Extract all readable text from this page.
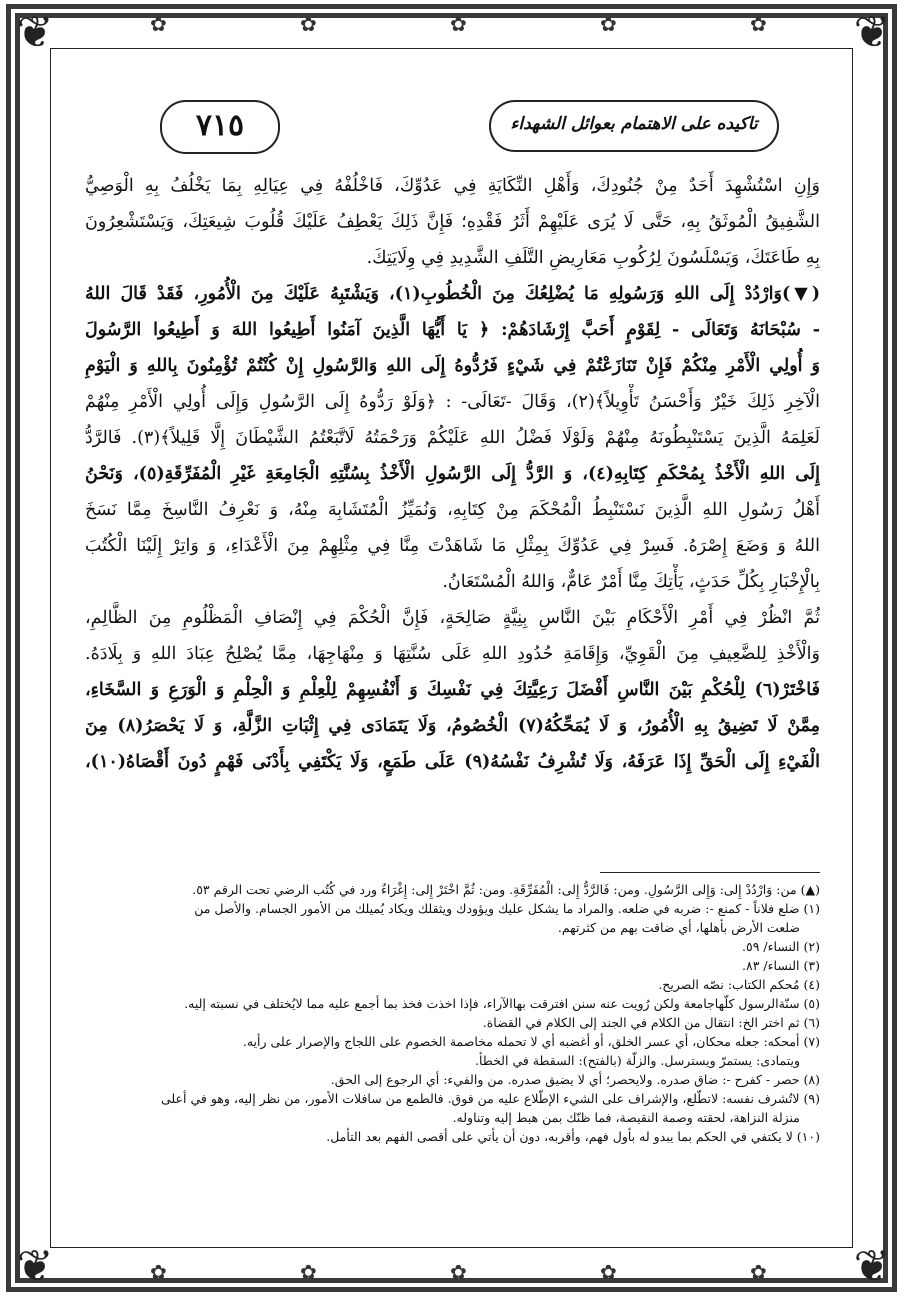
❦	❦
❦	❦
✿	✿	✿	✿	✿
✿	✿	✿	✿	✿
تاكيده على الاهتمام بعوائل الشهداء
٧١٥
وَإِنِ اسْتُشْهِدَ أَحَدٌ مِنْ جُنُودِكَ، وَأَهْلِ النِّكَايَةِ فِي عَدُوِّكَ، فَاخْلُفْهُ فِي عِيَالِهِ بِمَا يَخْلُفُ بِهِ الْوَصِيُّ
الشَّفِيقُ الْمُوثَقُ بِهِ، حَتَّى لَا يُرَى عَلَيْهِمْ أَثَرُ فَقْدِهِ؛ فَإِنَّ ذَلِكَ يَعْطِفُ عَلَيْكَ قُلُوبَ شِيعَتِكَ، وَيَسْتَشْعِرُونَ
بِهِ طَاعَتَكَ، وَيَسْلَسُونَ لِرُكُوبِ مَعَارِيضِ التَّلَفِ الشَّدِيدِ فِي وِلَايَتِكَ.
(▼)وَارْدُدْ إِلَى اللهِ وَرَسُولِهِ مَا يُضْلِعُكَ مِنَ الْخُطُوبِ(١)، وَيَشْتَبِهُ عَلَيْكَ مِنَ الْأُمُورِ، فَقَدْ قَالَ اللهُ
- سُبْحَانَهُ وَتَعَالَى - لِقَوْمٍ أَحَبَّ إِرْشَادَهُمْ: ﴿ يَا أَيُّهَا الَّذِينَ آمَنُوا أَطِيعُوا اللهَ وَ أَطِيعُوا الرَّسُولَ
وَ أُولِي الْأَمْرِ مِنْكُمْ فَإِنْ تَنَازَعْتُمْ فِي شَيْءٍ فَرُدُّوهُ إِلَى اللهِ وَالرَّسُولِ إِنْ كُنْتُمْ تُؤْمِنُونَ بِاللهِ وَ الْيَوْمِ
الْآخِرِ ذَلِكَ خَيْرٌ وَأَحْسَنُ تَأْوِيلاً﴾(٢)، وَقَالَ -تَعَالَى- : ﴿وَلَوْ رَدُّوهُ إِلَى الرَّسُولِ وَإِلَى أُولِي الْأَمْرِ مِنْهُمْ
لَعَلِمَهُ الَّذِينَ يَسْتَنْبِطُونَهُ مِنْهُمْ وَلَوْلَا فَضْلُ اللهِ عَلَيْكُمْ وَرَحْمَتُهُ لَاتَّبَعْتُمُ الشَّيْطَانَ إِلَّا قَلِيلاً﴾(٣). فَالرَّدُّ
إِلَى اللهِ الْأَخْذُ بِمُحْكَمِ كِتَابِهِ(٤)، وَ الرَّدُّ إِلَى الرَّسُولِ الْأَخْذُ بِسُنَّتِهِ الْجَامِعَةِ غَيْرِ الْمُفَرِّقَةِ(٥)، وَنَحْنُ
أَهْلُ رَسُولِ اللهِ الَّذِينَ نَسْتَنْبِطُ الْمُحْكَمَ مِنْ كِتَابِهِ، وَنُمَيِّزُ الْمُتَشَابِهَ مِنْهُ، وَ نَعْرِفُ النَّاسِخَ مِمَّا نَسَخَ
اللهُ وَ وَضَعَ إِصْرَهُ. فَسِرْ فِي عَدُوِّكَ بِمِثْلِ مَا شَاهَدْتَ مِنَّا فِي مِثْلِهِمْ مِنَ الْأَعْدَاءِ، وَ وَاتِرْ إِلَيْنَا الْكُتُبَ
بِالْإِخْبَارِ بِكُلِّ حَدَثٍ، يَأْتِكَ مِنَّا أَمْرٌ عَامٌّ، وَاللهُ الْمُسْتَعَانُ.
ثُمَّ انْظُرْ فِي أَمْرِ الْأَحْكَامِ بَيْنَ النَّاسِ بِنِيَّةٍ صَالِحَةٍ، فَإِنَّ الْحُكْمَ فِي إِنْصَافِ الْمَظْلُومِ مِنَ الظَّالِمِ،
وَالْأَخْذِ لِلضَّعِيفِ مِنَ الْقَوِيِّ، وَإِقَامَةِ حُدُودِ اللهِ عَلَى سُنَّتِهَا وَ مِنْهَاجِهَا، مِمَّا يُصْلِحُ عِبَادَ اللهِ وَ بِلَادَهُ.
فَاخْتَرْ(٦) لِلْحُكْمِ بَيْنَ النَّاسِ أَفْضَلَ رَعِيَّتِكَ فِي نَفْسِكَ وَ أَنْفُسِهِمْ لِلْعِلْمِ وَ الْحِلْمِ وَ الْوَرَعِ وَ السَّخَاءِ،
مِمَّنْ لَا تَضِيقُ بِهِ الْأُمُورُ، وَ لَا يُمَحِّكُهُ(٧) الْخُصُومُ، وَلَا يَتَمَادَى فِي إِثْبَاتِ الزَّلَّةِ، وَ لَا يَحْصَرُ(٨) مِنَ
الْفَيْءِ إِلَى الْحَقِّ إِذَا عَرَفَهُ، وَلَا تُشْرِفُ نَفْسُهُ(٩) عَلَى طَمَعٍ، وَلَا يَكْتَفِي بِأَدْنَى فَهْمٍ دُونَ أَقْصَاهُ(١٠)،
(▲) من: وَارْدُدْ إِلى: وَإِلى الرَّسُولِ. ومن: فَالرَّدُّ إِلى: الْمُفَرِّقَةِ. ومن: ثُمَّ اخْتَرْ إِلى: إِغْرَاءٌ ورد في كُتُب الرضي تحت الرقم ٥٣.
(١) ضلع فلاناً - كمنع -: ضربه في ضلعه. والمراد ما يشكل عليك ويؤودك ويثقلك ويكاد يُميلك من الأمور الجسام. والأصل من
ضلعت الأرض بأهلها، أي ضاقت بهم من كثرتهم.
(٢) النساء/ ٥٩.
(٣) النساء/ ٨٣.
(٤) مُحكم الكتاب: نصّه الصريح.
(٥) سنّةالرسول كلّهاجامعة ولكن رُويت عنه سنن افترقت بهاالآراء، فإذا اخذت فخذ بما أجمع عليه مما لايُختلف في نسبته إليه.
(٦) ثم اختر الخ: انتقال من الكلام في الجند إلى الكلام في القضاة.
(٧) أمحكه: جعله محكان، أي عسر الخلق، أو أغضبه أي لا تحمله مخاصمة الخصوم على اللجاج والإصرار على رأيه.
ويتمادى: يستمرّ ويسترسل. والزلّة (بالفتح): السقطة في الخطأ.
(٨) حصر - كفرح -: ضاق صدره. ولايحصر؛ أي لا يضيق صدره. من والفيء: أي الرجوع إلى الحق.
(٩) لاتُشرف نفسه: لاتطّلع، والإشراف على الشيء الإطّلاع عليه من فوق. فالطمع من سافلات الأمور، من نظر إليه، وهو في أعلى
منزلة النزاهة، لحقته وصمة النقيصة، فما ظنّك بمن هبط إليه وتناوله.
(١٠) لا يكتفي في الحكم بما يبدو له بأول فهم، وأقربه، دون أن يأتي على أقصى الفهم بعد التأمل.
